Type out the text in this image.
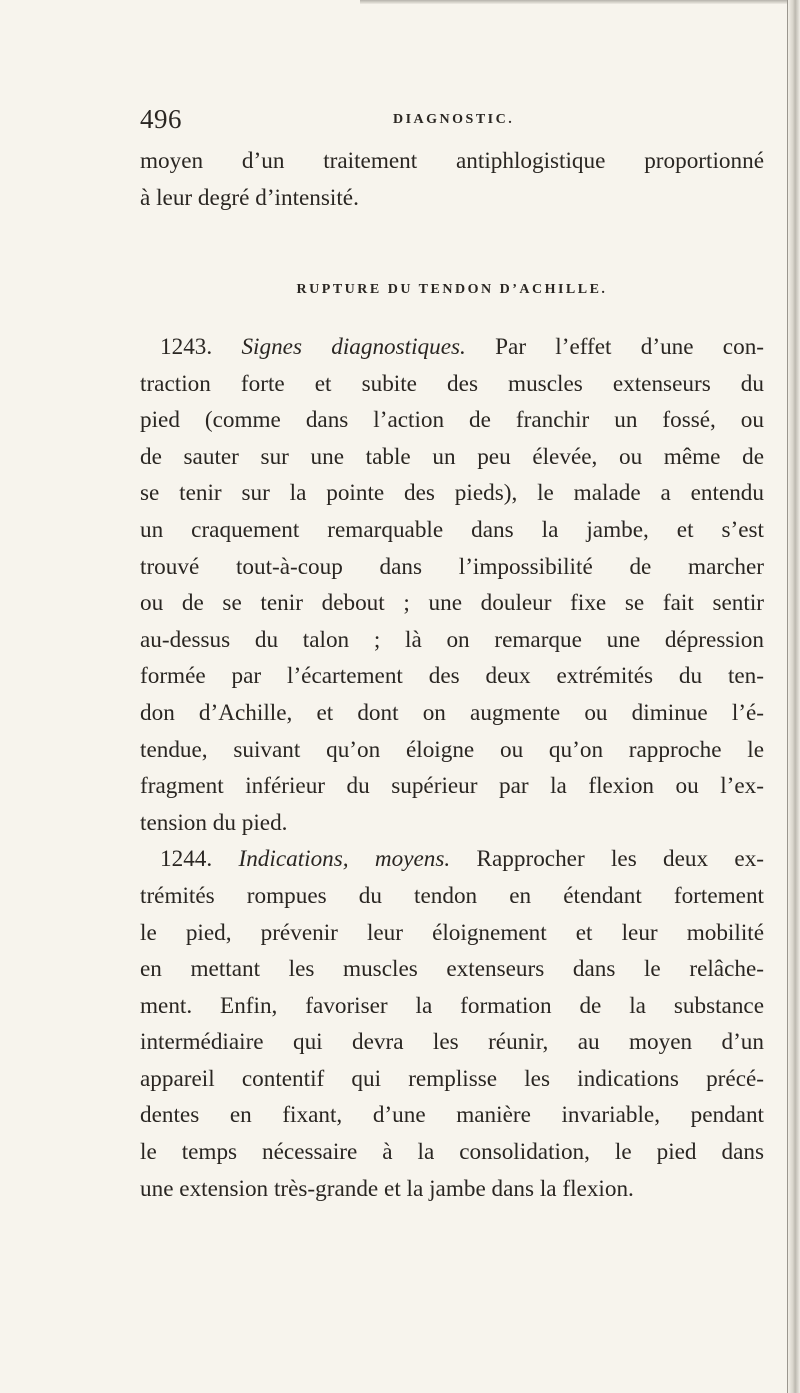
496	DIAGNOSTIC.
moyen d’un traitement antiphlogistique proportionné
à leur degré d’intensité.
RUPTURE DU TENDON D’ACHILLE.
1243. Signes diagnostiques. Par l’effet d’une con-
traction forte et subite des muscles extenseurs du
pied (comme dans l’action de franchir un fossé, ou
de sauter sur une table un peu élevée, ou même de
se tenir sur la pointe des pieds), le malade a entendu
un craquement remarquable dans la jambe, et s’est
trouvé tout-à-coup dans l’impossibilité de marcher
ou de se tenir debout ; une douleur fixe se fait sentir
au-dessus du talon ; là on remarque une dépression
formée par l’écartement des deux extrémités du ten-
don d’Achille, et dont on augmente ou diminue l’é-
tendue, suivant qu’on éloigne ou qu’on rapproche le
fragment inférieur du supérieur par la flexion ou l’ex-
tension du pied.
1244. Indications, moyens. Rapprocher les deux ex-
trémités rompues du tendon en étendant fortement
le pied, prévenir leur éloignement et leur mobilité
en mettant les muscles extenseurs dans le relâche-
ment. Enfin, favoriser la formation de la substance
intermédiaire qui devra les réunir, au moyen d’un
appareil contentif qui remplisse les indications précé-
dentes en fixant, d’une manière invariable, pendant
le temps nécessaire à la consolidation, le pied dans
une extension très-grande et la jambe dans la flexion.
